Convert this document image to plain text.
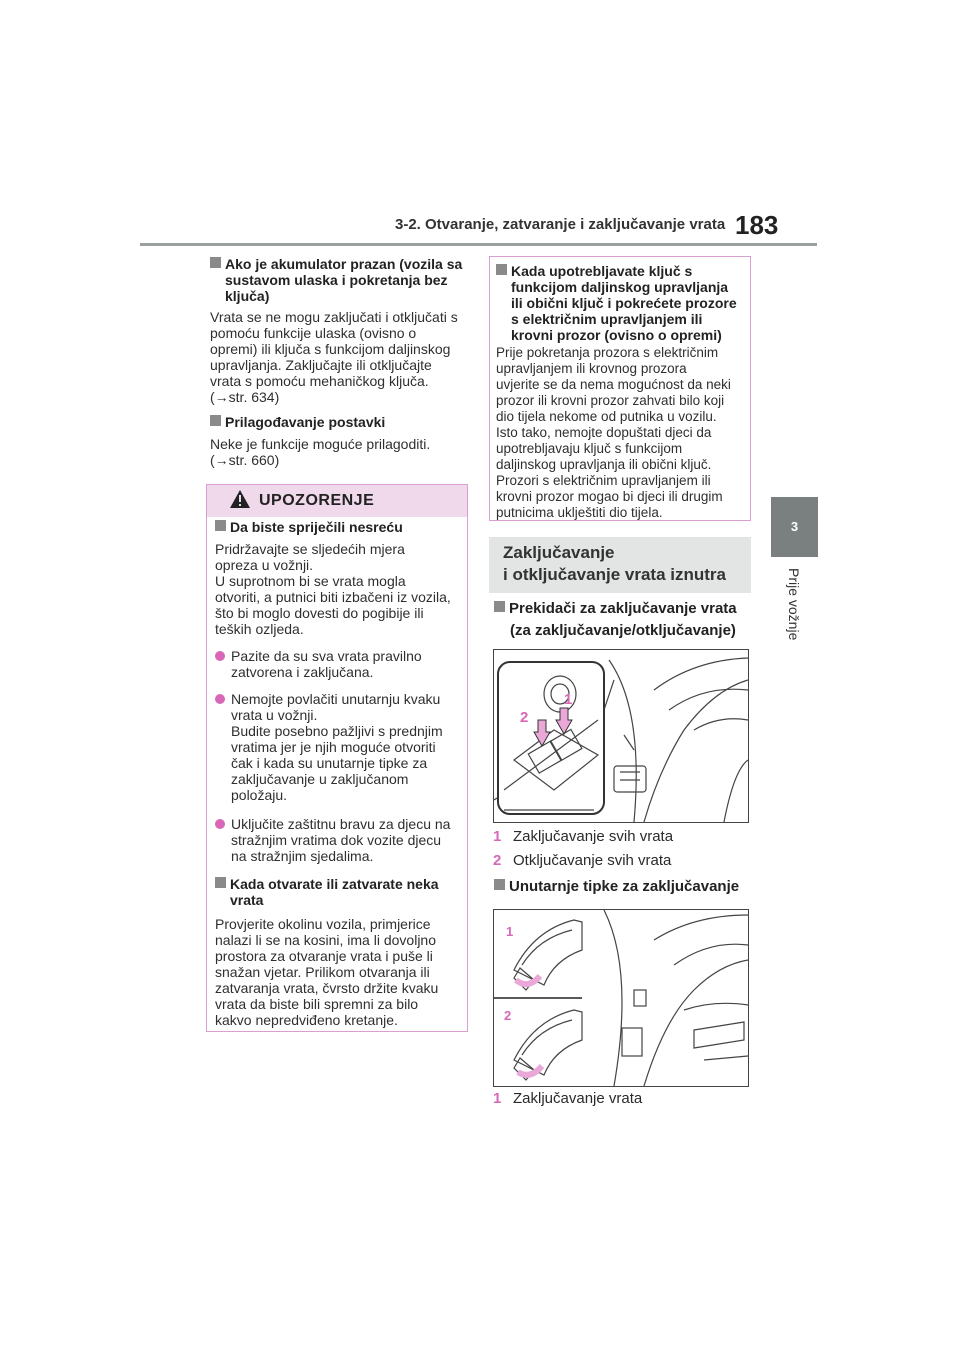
3-2. Otvaranje, zatvaranje i zaključavanje vrata 183
3
Prije vožnje
Ako je akumulator prazan (vozila sa
sustavom ulaska i pokretanja bez
ključa)
Vrata se ne mogu zaključati i otključati s
pomoću funkcije ulaska (ovisno o
opremi) ili ključa s funkcijom daljinskog
upravljanja. Zaključajte ili otključajte
vrata s pomoću mehaničkog ključa.
(→str. 634)
Prilagođavanje postavki
Neke je funkcije moguće prilagoditi.
(→str. 660)
UPOZORENJE
Da biste spriječili nesreću
Pridržavajte se sljedećih mjera
opreza u vožnji.
U suprotnom bi se vrata mogla
otvoriti, a putnici biti izbačeni iz vozila,
što bi moglo dovesti do pogibije ili
teških ozljeda.
Pazite da su sva vrata pravilno
zatvorena i zaključana.
Nemojte povlačiti unutarnju kvaku
vrata u vožnji.
Budite posebno pažljivi s prednjim
vratima jer je njih moguće otvoriti
čak i kada su unutarnje tipke za
zaključavanje u zaključanom
položaju.
Uključite zaštitnu bravu za djecu na
stražnjim vratima dok vozite djecu
na stražnjim sjedalima.
Kada otvarate ili zatvarate neka
vrata
Provjerite okolinu vozila, primjerice
nalazi li se na kosini, ima li dovoljno
prostora za otvaranje vrata i puše li
snažan vjetar. Prilikom otvaranja ili
zatvaranja vrata, čvrsto držite kvaku
vrata da biste bili spremni za bilo
kakvo nepredviđeno kretanje.
Kada upotrebljavate ključ s
funkcijom daljinskog upravljanja
ili obični ključ i pokrećete prozore
s električnim upravljanjem ili
krovni prozor (ovisno o opremi)
Prije pokretanja prozora s električnim
upravljanjem ili krovnog prozora
uvjerite se da nema mogućnost da neki
prozor ili krovni prozor zahvati bilo koji
dio tijela nekome od putnika u vozilu.
Isto tako, nemojte dopuštati djeci da
upotrebljavaju ključ s funkcijom
daljinskog upravljanja ili obični ključ.
Prozori s električnim upravljanjem ili
krovni prozor mogao bi djeci ili drugim
putnicima uklještiti dio tijela.
Zaključavanje
i otključavanje vrata iznutra
Prekidači za zaključavanje vrata
(za zaključavanje/otključavanje)
1
2
1 Zaključavanje svih vrata
2 Otključavanje svih vrata
Unutarnje tipke za zaključavanje
1
2
1 Zaključavanje vrata
